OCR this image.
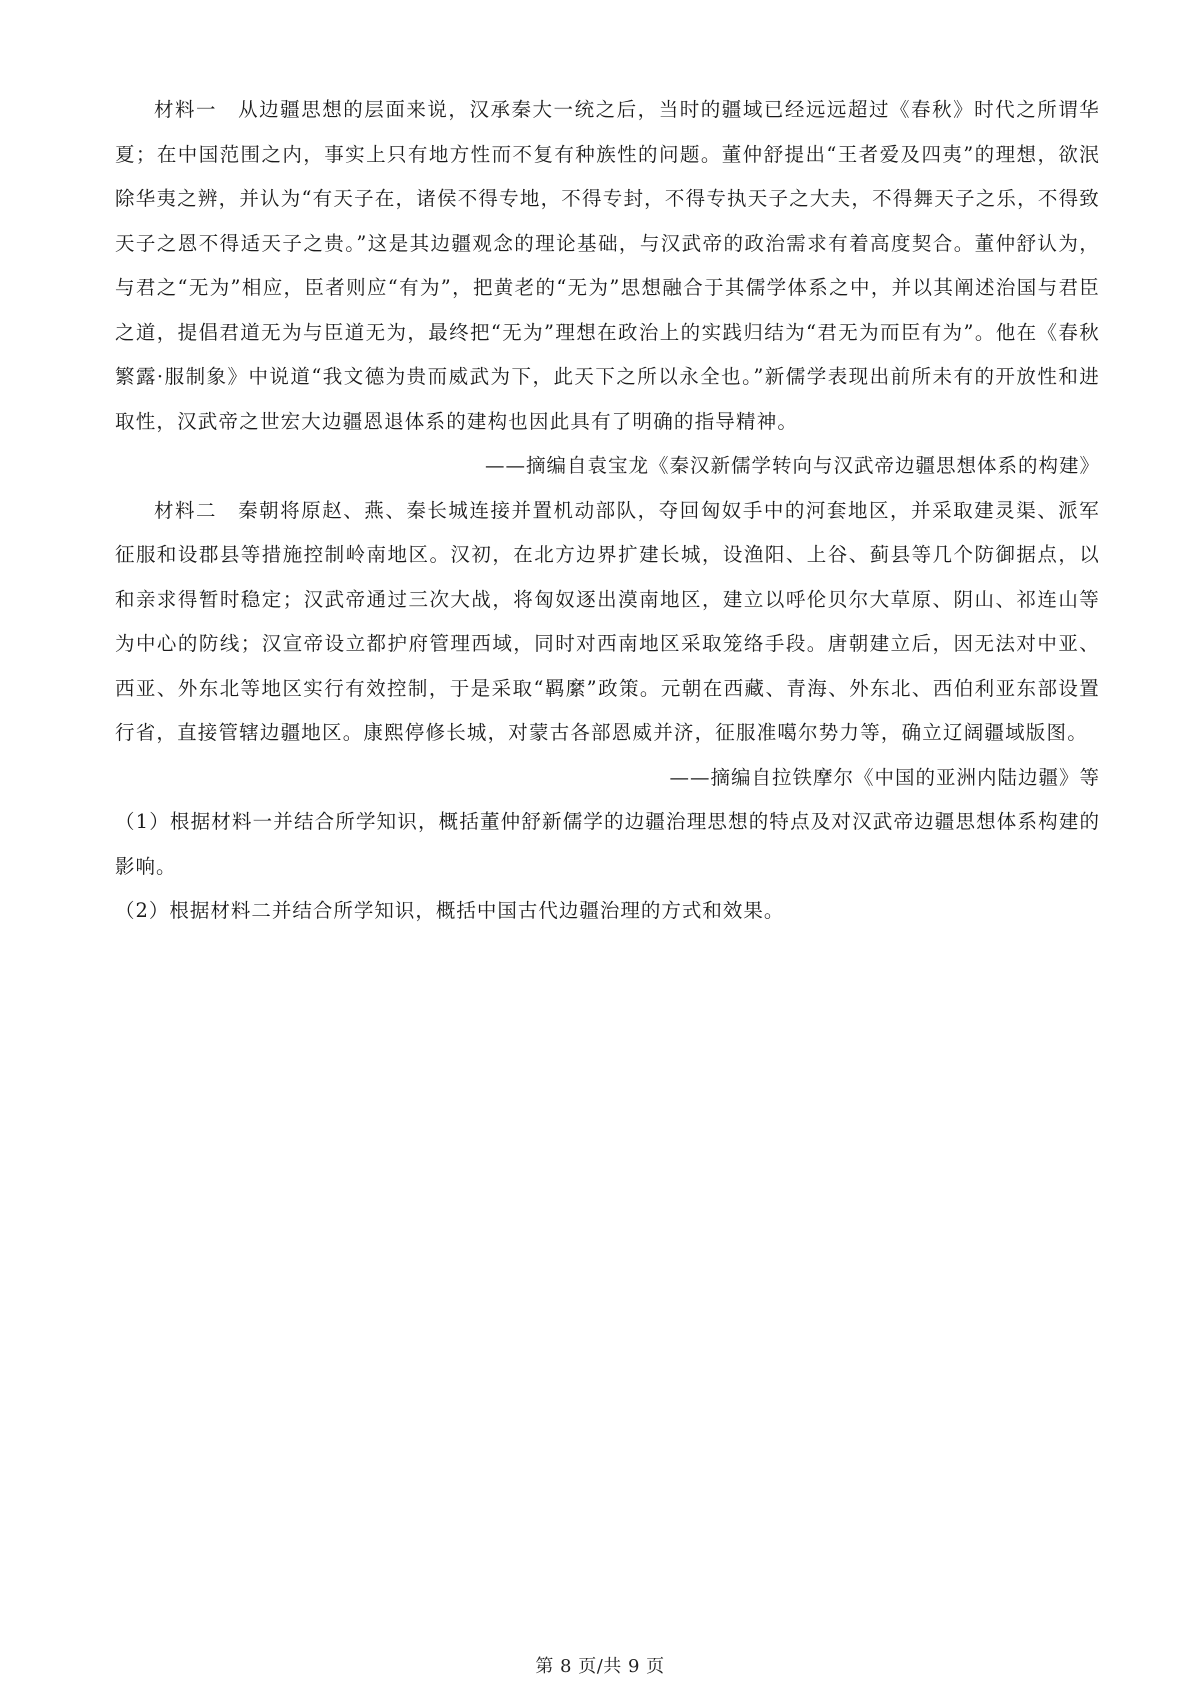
材料一　从边疆思想的层面来说，汉承秦大一统之后，当时的疆域已经远远超过《春秋》时代之所谓华夏；在中国范围之内，事实上只有地方性而不复有种族性的问题。董仲舒提出“王者爱及四夷”的理想，欲泯除华夷之辨，并认为“有天子在，诸侯不得专地，不得专封，不得专执天子之大夫，不得舞天子之乐，不得致天子之恩不得适天子之贵。”这是其边疆观念的理论基础，与汉武帝的政治需求有着高度契合。董仲舒认为，与君之“无为”相应，臣者则应“有为”，把黄老的“无为”思想融合于其儒学体系之中，并以其阐述治国与君臣之道，提倡君道无为与臣道无为，最终把“无为”理想在政治上的实践归结为“君无为而臣有为”。他在《春秋繁露·服制象》中说道“我文德为贵而威武为下，此天下之所以永全也。”新儒学表现出前所未有的开放性和进取性，汉武帝之世宏大边疆恩退体系的建构也因此具有了明确的指导精神。

——摘编自袁宝龙《秦汉新儒学转向与汉武帝边疆思想体系的构建》

材料二　秦朝将原赵、燕、秦长城连接并置机动部队，夺回匈奴手中的河套地区，并采取建灵渠、派军征服和设郡县等措施控制岭南地区。汉初，在北方边界扩建长城，设渔阳、上谷、蓟县等几个防御据点，以和亲求得暂时稳定；汉武帝通过三次大战，将匈奴逐出漠南地区，建立以呼伦贝尔大草原、阴山、祁连山等为中心的防线；汉宣帝设立都护府管理西域，同时对西南地区采取笼络手段。唐朝建立后，因无法对中亚、西亚、外东北等地区实行有效控制，于是采取“羁縻”政策。元朝在西藏、青海、外东北、西伯利亚东部设置行省，直接管辖边疆地区。康熙停修长城，对蒙古各部恩威并济，征服准噶尔势力等，确立辽阔疆域版图。

——摘编自拉铁摩尔《中国的亚洲内陆边疆》等

（1）根据材料一并结合所学知识，概括董仲舒新儒学的边疆治理思想的特点及对汉武帝边疆思想体系构建的影响。

（2）根据材料二并结合所学知识，概括中国古代边疆治理的方式和效果。

第 8 页/共 9 页
